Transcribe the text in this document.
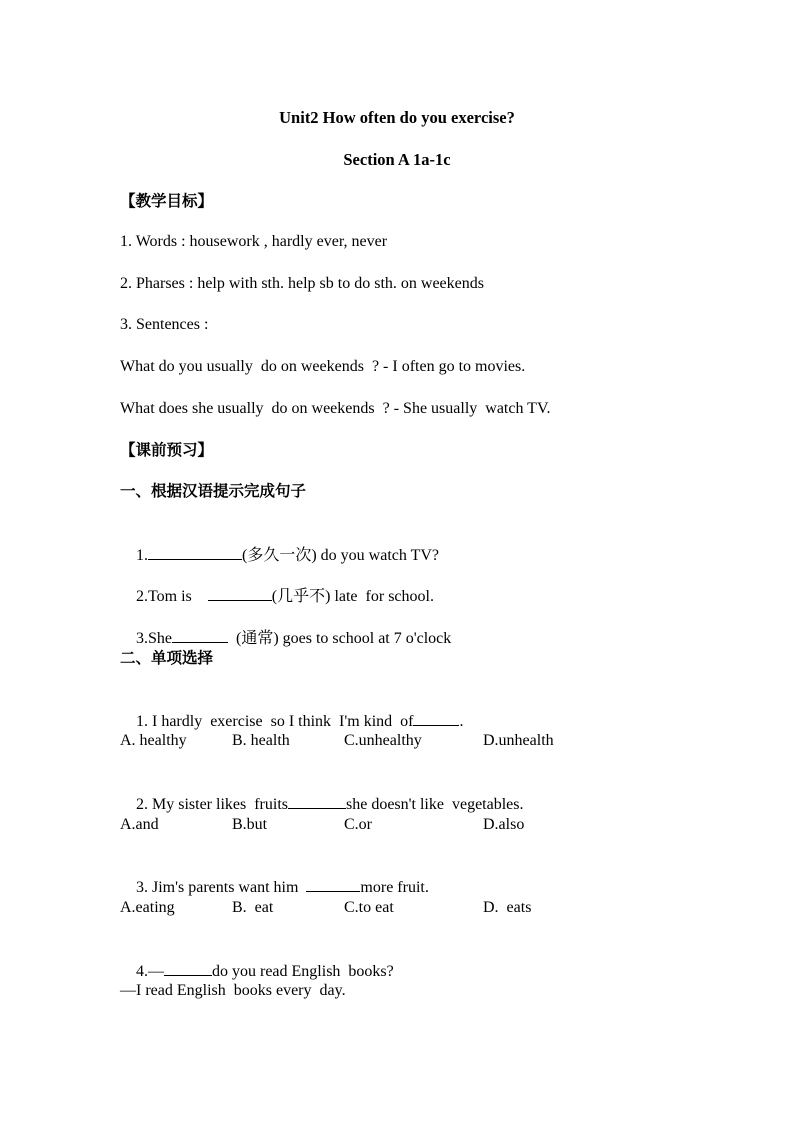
Unit2 How often do you exercise?
Section A 1a-1c
【教学目标】
1. Words : housework , hardly ever, never
2. Pharses : help with sth. help sb to do sth. on weekends
3. Sentences :
What do you usually  do on weekends  ? - I often go to movies.
What does she usually  do on weekends  ? - She usually  watch TV.
【课前预习】
一、根据汉语提示完成句子

1.	(多久一次) do you watch TV?

2.Tom is	(几乎不) late  for school.

3.She	(通常) goes to school at 7 o'clock

二、单项选择

1. I hardly  exercise  so I think  I'm kind  of	.

A. healthy	B. health	C.unhealthy	D.unhealth

2. My sister likes  fruits	she doesn't like  vegetables.

A.and	B.but	C.or	D.also

3. Jim's parents want him	more fruit.

A.eating	B.  eat	C.to eat	D.  eats

4.—	do you read English  books?

—I read English  books every  day.
